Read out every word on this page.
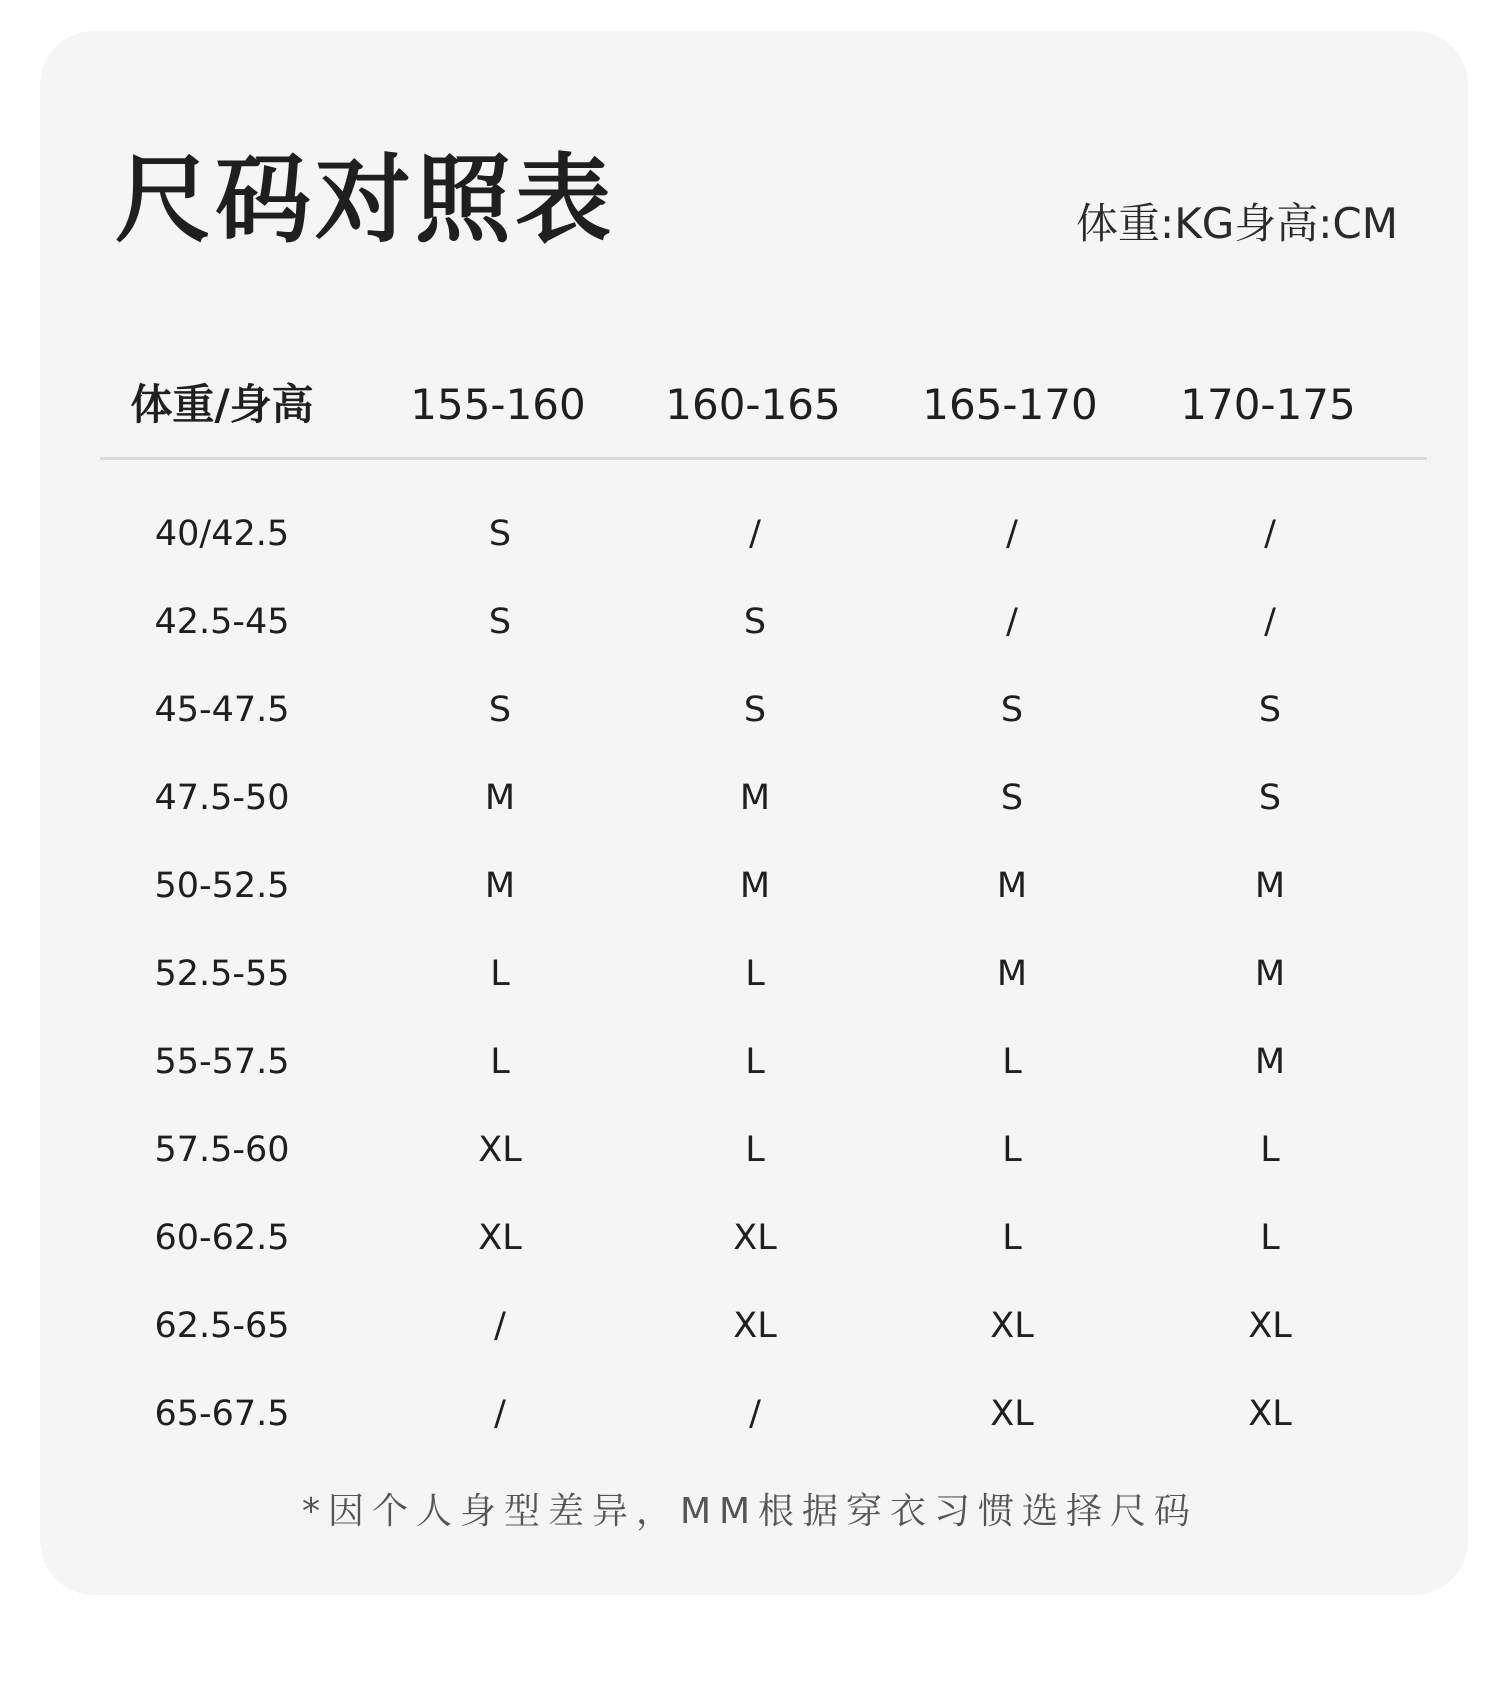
尺码对照表	体重:KG身高:CM
体重/身高 155-160 160-165 165-170 170-175
40/42.5	S	/	/	/
42.5-45	S	S	/	/
45-47.5	S	S	S	S
47.5-50	M	M	S	S
50-52.5	M	M	M	M
52.5-55	L	L	M	M
55-57.5	L	L	L	M
57.5-60	XL	L	L	L
60-62.5	XL	XL	L	L
62.5-65	/	XL	XL	XL
65-67.5	/	/	XL	XL
*因个人身型差异，MM根据穿衣习惯选择尺码
